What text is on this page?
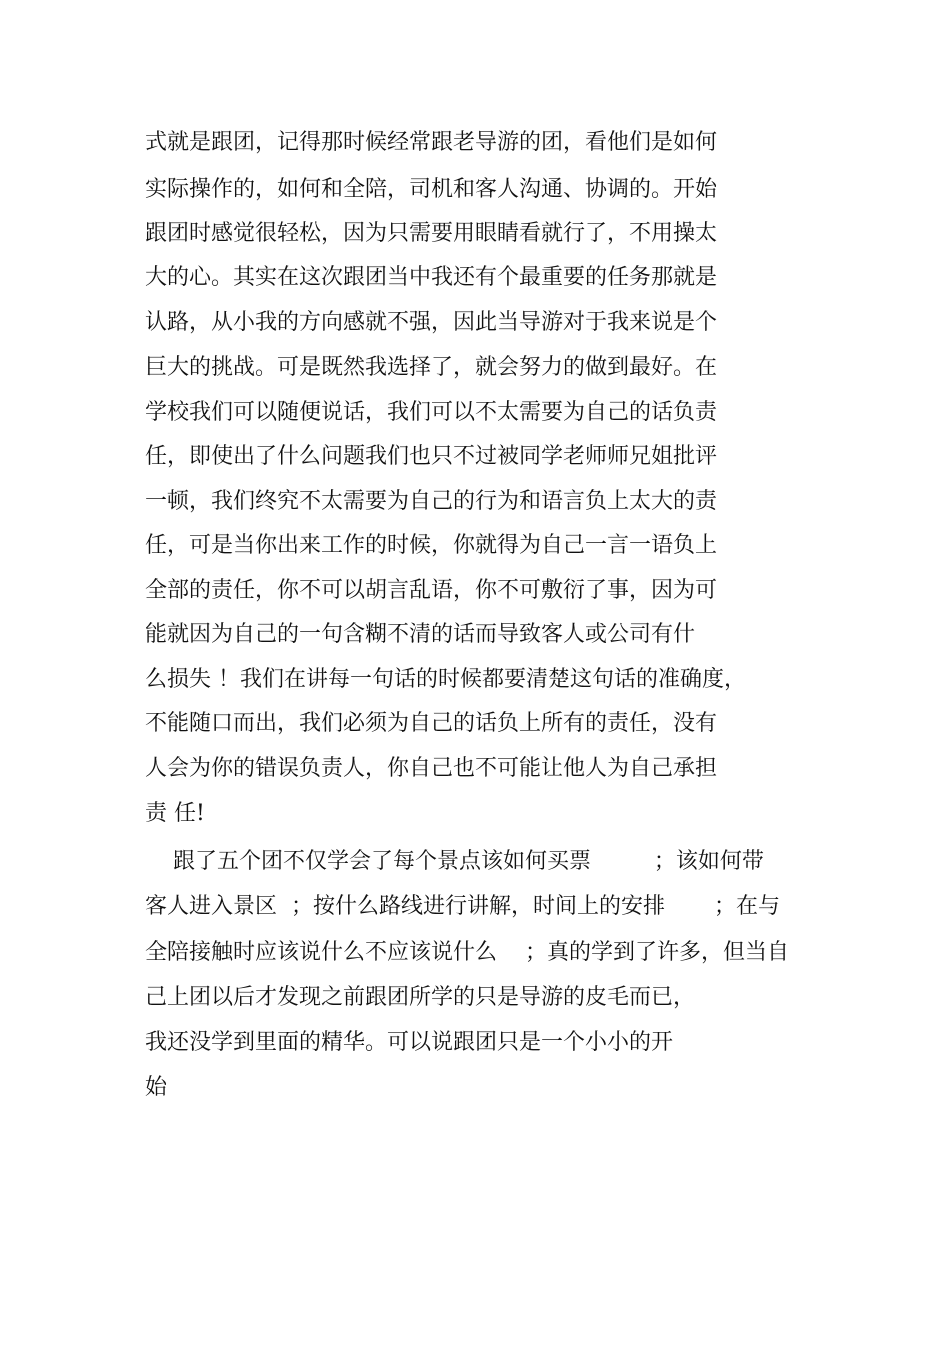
式就是跟团，记得那时候经常跟老导游的团，看他们是如何
实际操作的，如何和全陪，司机和客人沟通、协调的。开始
跟团时感觉很轻松，因为只需要用眼睛看就行了，不用操太
大的心。其实在这次跟团当中我还有个最重要的任务那就是
认路，从小我的方向感就不强，因此当导游对于我来说是个
巨大的挑战。可是既然我选择了，就会努力的做到最好。在
学校我们可以随便说话，我们可以不太需要为自己的话负责
任，即使出了什么问题我们也只不过被同学老师师兄姐批评
一顿，我们终究不太需要为自己的行为和语言负上太大的责
任，可是当你出来工作的时候，你就得为自己一言一语负上
全部的责任，你不可以胡言乱语，你不可敷衍了事，因为可
能就因为自己的一句含糊不清的话而导致客人或公司有什
么损失 ！我们在讲每一句话的时候都要清楚这句话的准确度，
不能随口而出，我们必须为自己的话负上所有的责任，没有
人会为你的错误负责人，你自己也不可能让他人为自己承担
责 任!
跟了五个团不仅学会了每个景点该如何买票         ；该如何带
客人进入景区  ；按什么路线进行讲解，时间上的安排       ；在与
全陪接触时应该说什么不应该说什么    ；真的学到了许多，但当自
己上团以后才发现之前跟团所学的只是导游的皮毛而已，
我还没学到里面的精华。可以说跟团只是一个小小的开
始
